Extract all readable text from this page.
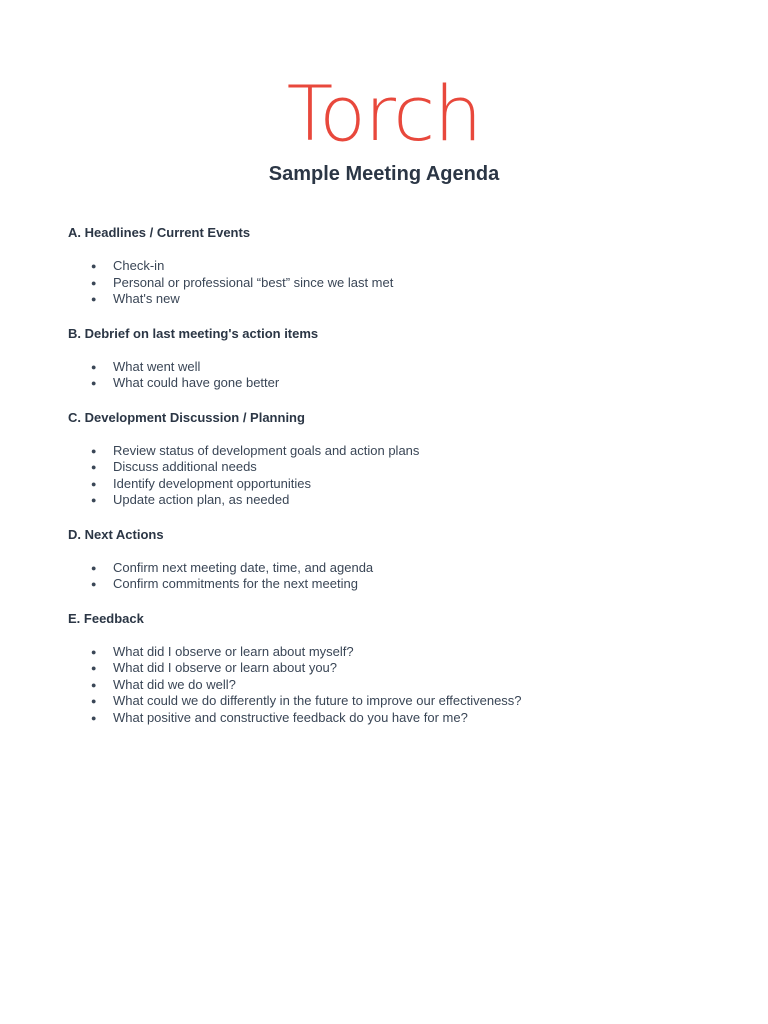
Torch
Sample Meeting Agenda
A. Headlines / Current Events
● Check-in
● Personal or professional “best” since we last met
● What's new
B. Debrief on last meeting's action items
● What went well
● What could have gone better
C. Development Discussion / Planning
● Review status of development goals and action plans
● Discuss additional needs
● Identify development opportunities
● Update action plan, as needed
D. Next Actions
● Confirm next meeting date, time, and agenda
● Confirm commitments for the next meeting
E. Feedback
● What did I observe or learn about myself?
● What did I observe or learn about you?
● What did we do well?
● What could we do differently in the future to improve our effectiveness?
● What positive and constructive feedback do you have for me?
